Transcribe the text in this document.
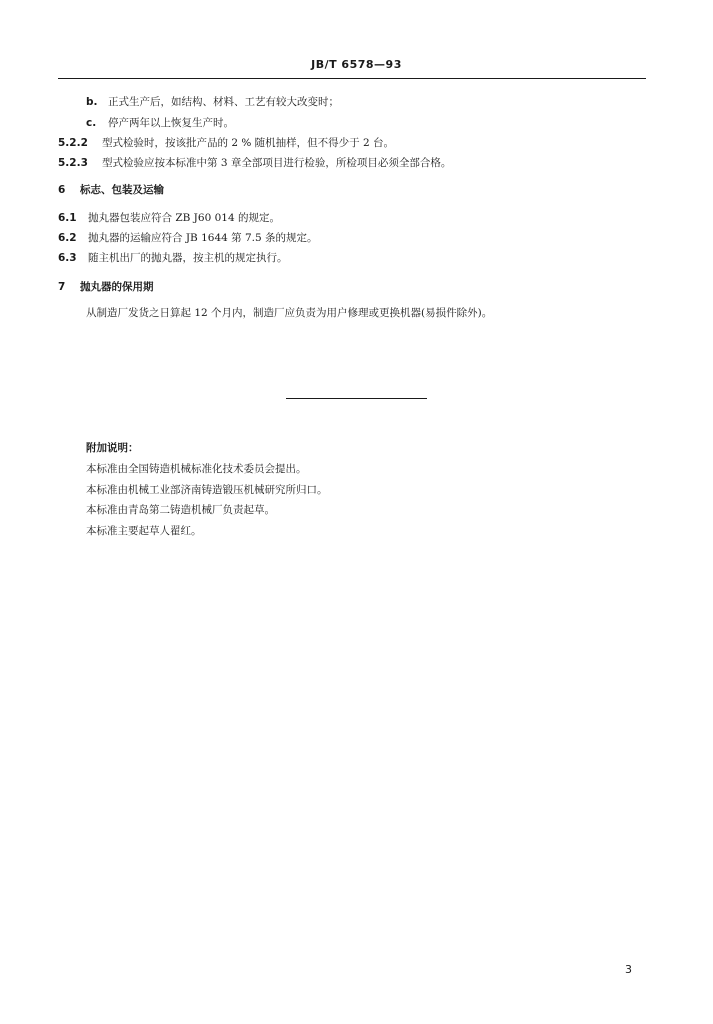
JB/T 6578—93
b. 正式生产后，如结构、材料、工艺有较大改变时；
c. 停产两年以上恢复生产时。
5.2.2 型式检验时，按该批产品的 2 % 随机抽样，但不得少于 2 台。
5.2.3 型式检验应按本标准中第 3 章全部项目进行检验，所检项目必须全部合格。
6 标志、包装及运输
6.1 抛丸器包装应符合 ZB J60 014 的规定。
6.2 抛丸器的运输应符合 JB 1644 第 7.5 条的规定。
6.3 随主机出厂的抛丸器，按主机的规定执行。
7 抛丸器的保用期
从制造厂发货之日算起 12 个月内，制造厂应负责为用户修理或更换机器(易损件除外)。
附加说明：
本标准由全国铸造机械标准化技术委员会提出。
本标准由机械工业部济南铸造锻压机械研究所归口。
本标准由青岛第二铸造机械厂负责起草。
本标准主要起草人翟红。
3
